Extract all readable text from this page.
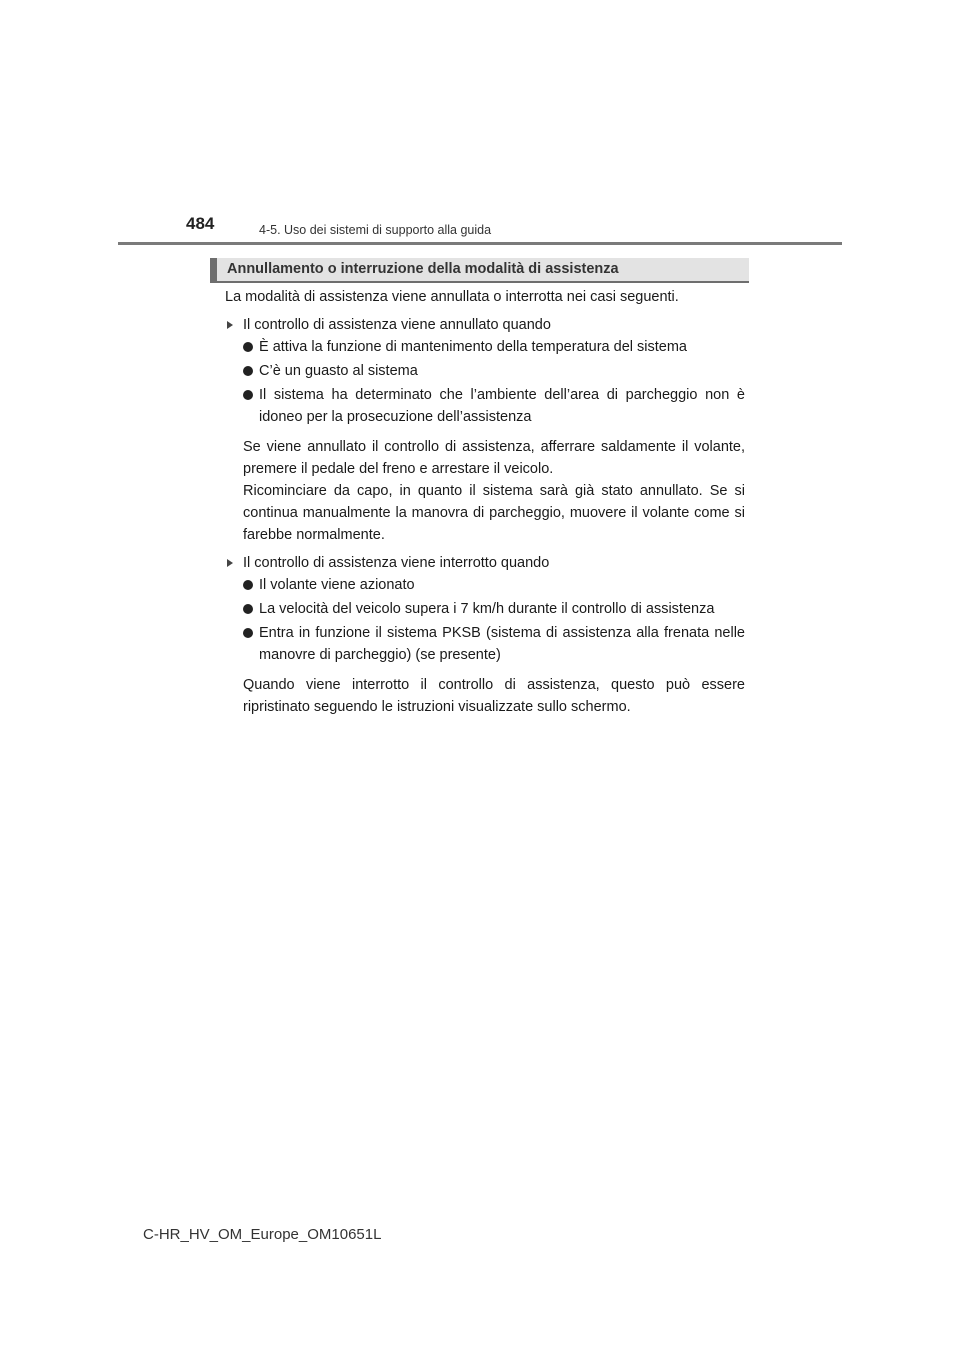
484	4-5. Uso dei sistemi di supporto alla guida
Annullamento o interruzione della modalità di assistenza

La modalità di assistenza viene annullata o interrotta nei casi seguenti.

Il controllo di assistenza viene annullato quando
È attiva la funzione di mantenimento della temperatura del sistema
C’è un guasto al sistema
Il sistema ha determinato che l’ambiente dell’area di parcheggio non è idoneo per la prosecuzione dell’assistenza
Se viene annullato il controllo di assistenza, afferrare saldamente il volante, premere il pedale del freno e arrestare il veicolo.
Ricominciare da capo, in quanto il sistema sarà già stato annullato. Se si continua manualmente la manovra di parcheggio, muovere il volante come si farebbe normalmente.
Il controllo di assistenza viene interrotto quando
Il volante viene azionato
La velocità del veicolo supera i 7 km/h durante il controllo di assistenza
Entra in funzione il sistema PKSB (sistema di assistenza alla frenata nelle manovre di parcheggio) (se presente)
Quando viene interrotto il controllo di assistenza, questo può essere ripristinato seguendo le istruzioni visualizzate sullo schermo.
C-HR_HV_OM_Europe_OM10651L
